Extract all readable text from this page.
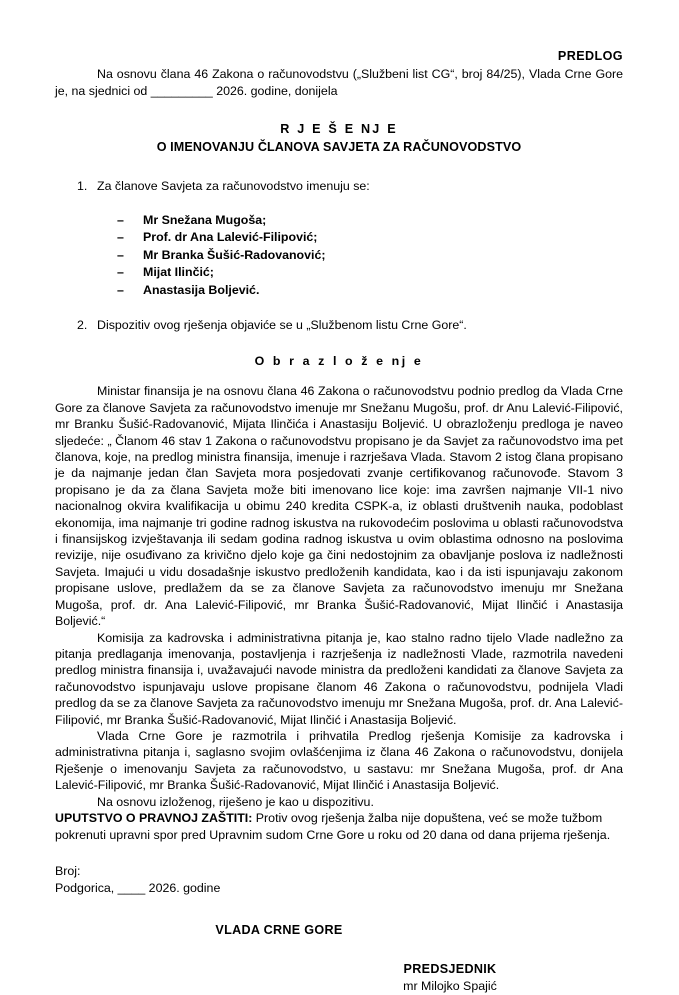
PREDLOG

Na osnovu člana 46 Zakona o računovodstvu („Službeni list CG“, broj 84/25), Vlada Crne Gore je, na sjednici od _________ 2026. godine, donijela

R J E Š E NJ E
O IMENOVANJU ČLANOVA SAVJETA ZA RAČUNOVODSTVO
1. Za članove Savjeta za računovodstvo imenuju se:
– Mr Snežana Mugoša;
– Prof. dr Ana Lalević-Filipović;
– Mr Branka Šušić-Radovanović;
– Mijat Ilinčić;
– Anastasija Boljević.
2. Dispozitiv ovog rješenja objaviće se u „Službenom listu Crne Gore“.
O b r a z l o ž e nj e

Ministar finansija je na osnovu člana 46 Zakona o računovodstvu podnio predlog da Vlada Crne Gore za članove Savjeta za računovodstvo imenuje mr Snežanu Mugošu, prof. dr Anu Lalević-Filipović, mr Branku Šušić-Radovanović, Mijata Ilinčića i Anastasiju Boljević. U obrazloženju predloga je naveo sljedeće: „ Članom 46 stav 1 Zakona o računovodstvu propisano je da Savjet za računovodstvo ima pet članova, koje, na predlog ministra finansija, imenuje i razrješava Vlada. Stavom 2 istog člana propisano je da najmanje jedan član Savjeta mora posjedovati zvanje certifikovanog računovođe. Stavom 3 propisano je da za člana Savjeta može biti imenovano lice koje: ima završen najmanje VII-1 nivo nacionalnog okvira kvalifikacija u obimu 240 kredita CSPK-a, iz oblasti društvenih nauka, podoblast ekonomija, ima najmanje tri godine radnog iskustva na rukovodećim poslovima u oblasti računovodstva i finansijskog izvještavanja ili sedam godina radnog iskustva u ovim oblastima odnosno na poslovima revizije, nije osuđivano za krivično djelo koje ga čini nedostojnim za obavljanje poslova iz nadležnosti Savjeta. Imajući u vidu dosadašnje iskustvo predloženih kandidata, kao i da isti ispunjavaju zakonom propisane uslove, predlažem da se za članove Savjeta za računovodstvo imenuju mr Snežana Mugoša, prof. dr. Ana Lalević-Filipović, mr Branka Šušić-Radovanović, Mijat Ilinčić i Anastasija Boljević.“

Komisija za kadrovska i administrativna pitanja je, kao stalno radno tijelo Vlade nadležno za pitanja predlaganja imenovanja, postavljenja i razrješenja iz nadležnosti Vlade, razmotrila navedeni predlog ministra finansija i, uvažavajući navode ministra da predloženi kandidati za članove Savjeta za računovodstvo ispunjavaju uslove propisane članom 46 Zakona o računovodstvu, podnijela Vladi predlog da se za članove Savjeta za računovodstvo imenuju mr Snežana Mugoša, prof. dr. Ana Lalević-Filipović, mr Branka Šušić-Radovanović, Mijat Ilinčić i Anastasija Boljević.

Vlada Crne Gore je razmotrila i prihvatila Predlog rješenja Komisije za kadrovska i administrativna pitanja i, saglasno svojim ovlašćenjima iz člana 46 Zakona o računovodstvu, donijela Rješenje o imenovanju Savjeta za računovodstvo, u sastavu: mr Snežana Mugoša, prof. dr Ana Lalević-Filipović, mr Branka Šušić-Radovanović, Mijat Ilinčić i Anastasija Boljević.

Na osnovu izloženog, riješeno je kao u dispozitivu.

UPUTSTVO O PRAVNOJ ZAŠTITI: Protiv ovog rješenja žalba nije dopuštena, već se može tužbom pokrenuti upravni spor pred Upravnim sudom Crne Gore u roku od 20 dana od dana prijema rješenja.

Broj:
Podgorica, ____ 2026. godine
VLADA CRNE GORE
PREDSJEDNIK
mr Milojko Spajić
